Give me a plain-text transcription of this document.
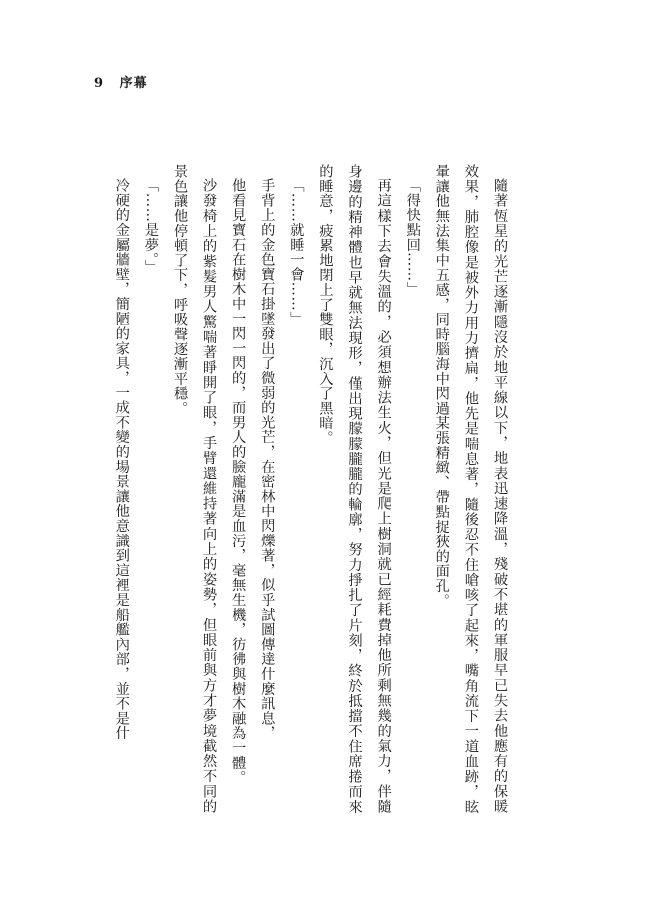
9 序幕

隨著恆星的光芒逐漸隱沒於地平線以下，地表迅速降溫，殘破不堪的軍服早已失去他應有的保暖效果，肺腔像是被外力用力擠扁，他先是喘息著，隨後忍不住嗆咳了起來，嘴角流下一道血跡，眩暈讓他無法集中五感，同時腦海中閃過某張精緻、帶點捉狹的面孔。

「得快點回……」

再這樣下去會失溫的，必須想辦法生火，但光是爬上樹洞就已經耗費掉他所剩無幾的氣力，伴隨身邊的精神體也早就無法現形，僅出現朦朦朧朧的輪廓，努力掙扎了片刻，終於抵擋不住席捲而來的睡意，疲累地閉上了雙眼，沉入了黑暗。

「……就睡一會……」

手背上的金色寶石掛墜發出了微弱的光芒，在密林中閃爍著，似乎試圖傳達什麼訊息，

他看見寶石在樹木中一閃一閃的，而男人的臉龐滿是血污，毫無生機，彷彿與樹木融為一體。

沙發椅上的紫髮男人驚喘著睜開了眼，手臂還維持著向上的姿勢，但眼前與方才夢境截然不同的景色讓他停頓了下，呼吸聲逐漸平穩。

「……是夢。」

冷硬的金屬牆壁，簡陋的家具，一成不變的場景讓他意識到這裡是船艦內部，並不是什
